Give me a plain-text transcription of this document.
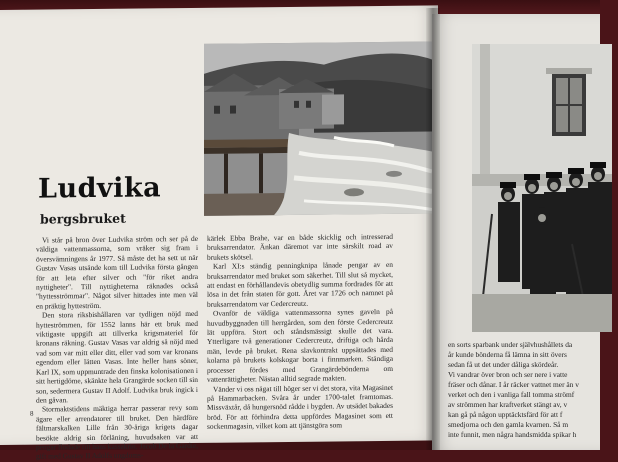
Ludvika
bergsbruket

Vi står på bron över Ludvika ström och ser på de väldiga vattenmassorna, som vräker sig fram i översvämningens år 1977. Så måste det ha sett ut när Gustav Vasas utsände kom till Ludvika första gången för att leta efter silver och "för riket andra nyttigheter". Till nyttigheterna räknades också "hyttesströmmar". Något silver hittades inte men väl en präktig hytteström.

Den stora riksbishållaren var tydligen nöjd med hytteströmmen, för 1552 lanns här ett bruk med viktigaste uppgift att tillverka krigsmateriel för kronans räkning. Gustav Vasas var aldrig så nöjd med vad som var mitt eller ditt, eller vad som var kronans egendom eller lätten Vasas. Inte heller hans söner, Karl IX, som uppmuntrade den finska kolonisationen i sitt hertigdöme, skänkte hela Grangärde socken till sin son, sedermera Gustav II Adolf. Ludvika bruk ingick i den gåvan.

Stormaktstidens mäktiga herrar passerar revy som ägare eller arrendatorer till bruket. Den härdföre fältmarskalken Lille från 30-åriga krigets dagar besökte aldrig sin förläning, huvudsaken var att pengar flödade till hans kassakrin. Jacob De la Gardie, gift med Gustav II Adolfs ungdoms-

kärlek Ebba Brahe, var en både skicklig och intresserad bruksarrendator. Änkan däremot var inte särskilt road av brukets skötsel.

Karl XI:s ständig penningknipa lånade pengar av en bruksarrendator med bruket som säkerhet. Till slut så mycket, att endast en förhållandevis obetydlig summa fordrades för att lösa in det från staten för gott. Året var 1726 och namnet på bruksarrendatorn var Cedercreutz.

Ovanför de väldiga vattenmassorna synes gaveln på huvudbyggnaden till herrgården, som den förste Cedercreutz lät uppföra. Stort och ståndsmässigt skulle det vara. Ytterligare två generationer Cedercreutz, driftiga och hårda män, levde på bruket. Rena slavkontrakt uppsättades med kolarna på brukets kolskogar borta i finnmarken. Ständiga processer fördes med Grangärdebönderna om vattenrättigheter. Nästan alltid segrade makten.

Vänder vi oss nägat till höger ser vi det stora, vita Magasinet på Hammarbacken. Svåra år under 1700-talet framtomas. Missväxtår, då hungersnöd rådde i bygden. Av utsädet bakades bröd. För att förhindra detta uppfördes Magasinet som ett sockenmagasin, vilket kom att tjänstgöra som

8
en sorts sparbank under självhushållets da
år kunde bönderna få lämna in sitt övers
sedan få ut det under dåliga skördeår.
Vi vandrar över bron och ser nere i vatte
fräser och dånar. I år räcker vattnet mer än v
verket och den i vanliga fall tomma strömf
av strömmen har kraftverket stängt av, v
kan gå på någon upptäcktsfärd för att f
smedjorna och den gamla kvarnen. Så m
inte funnit, men några handsmidda spikar h
